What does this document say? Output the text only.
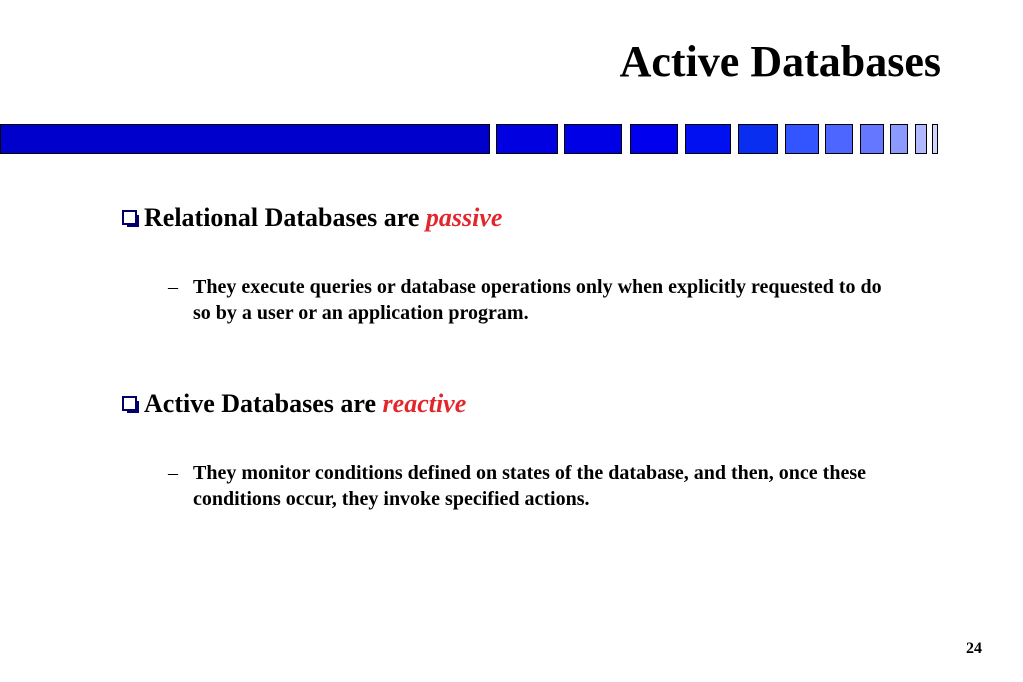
Active Databases
Relational Databases are passive
– They execute queries or database operations only when explicitly requested to do so by a user or an application program.
Active Databases are reactive
– They monitor conditions defined on states of the database, and then, once these conditions occur, they invoke specified actions.
24
